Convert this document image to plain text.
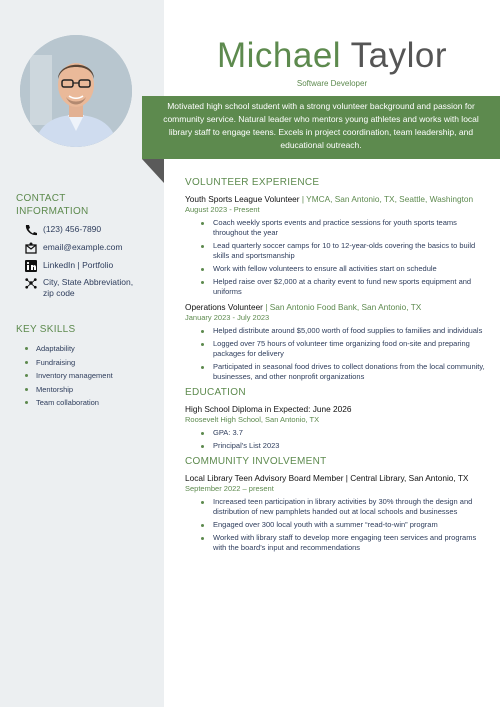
Michael Taylor
Software Developer
Motivated high school student with a strong volunteer background and passion for community service. Natural leader who mentors young athletes and works with local library staff to engage teens. Excels in project coordination, team leadership, and educational outreach.
CONTACT INFORMATION
(123) 456-7890
email@example.com
LinkedIn | Portfolio
City, State Abbreviation, zip code
KEY SKILLS
Adaptability
Fundraising
Inventory management
Mentorship
Team collaboration
VOLUNTEER EXPERIENCE
Youth Sports League Volunteer | YMCA, San Antonio, TX, Seattle, Washington
August 2023 - Present
Coach weekly sports events and practice sessions for youth sports teams throughout the year
Lead quarterly soccer camps for 10 to 12-year-olds covering the basics to build skills and sportsmanship
Work with fellow volunteers to ensure all activities start on schedule
Helped raise over $2,000 at a charity event to fund new sports equipment and uniforms
Operations Volunteer | San Antonio Food Bank, San Antonio, TX
January 2023 - July 2023
Helped distribute around $5,000 worth of food supplies to families and individuals
Logged over 75 hours of volunteer time organizing food on-site and preparing packages for delivery
Participated in seasonal food drives to collect donations from the local community, businesses, and other nonprofit organizations
EDUCATION
High School Diploma in Expected: June 2026
Roosevelt High School, San Antonio, TX
GPA: 3.7
Principal's List 2023
COMMUNITY INVOLVEMENT
Local Library Teen Advisory Board Member | Central Library, San Antonio, TX
September 2022 – present
Increased teen participation in library activities by 30% through the design and distribution of new pamphlets handed out at local schools and businesses
Engaged over 300 local youth with a summer “read-to-win” program
Worked with library staff to develop more engaging teen services and programs with the board’s input and recommendations
